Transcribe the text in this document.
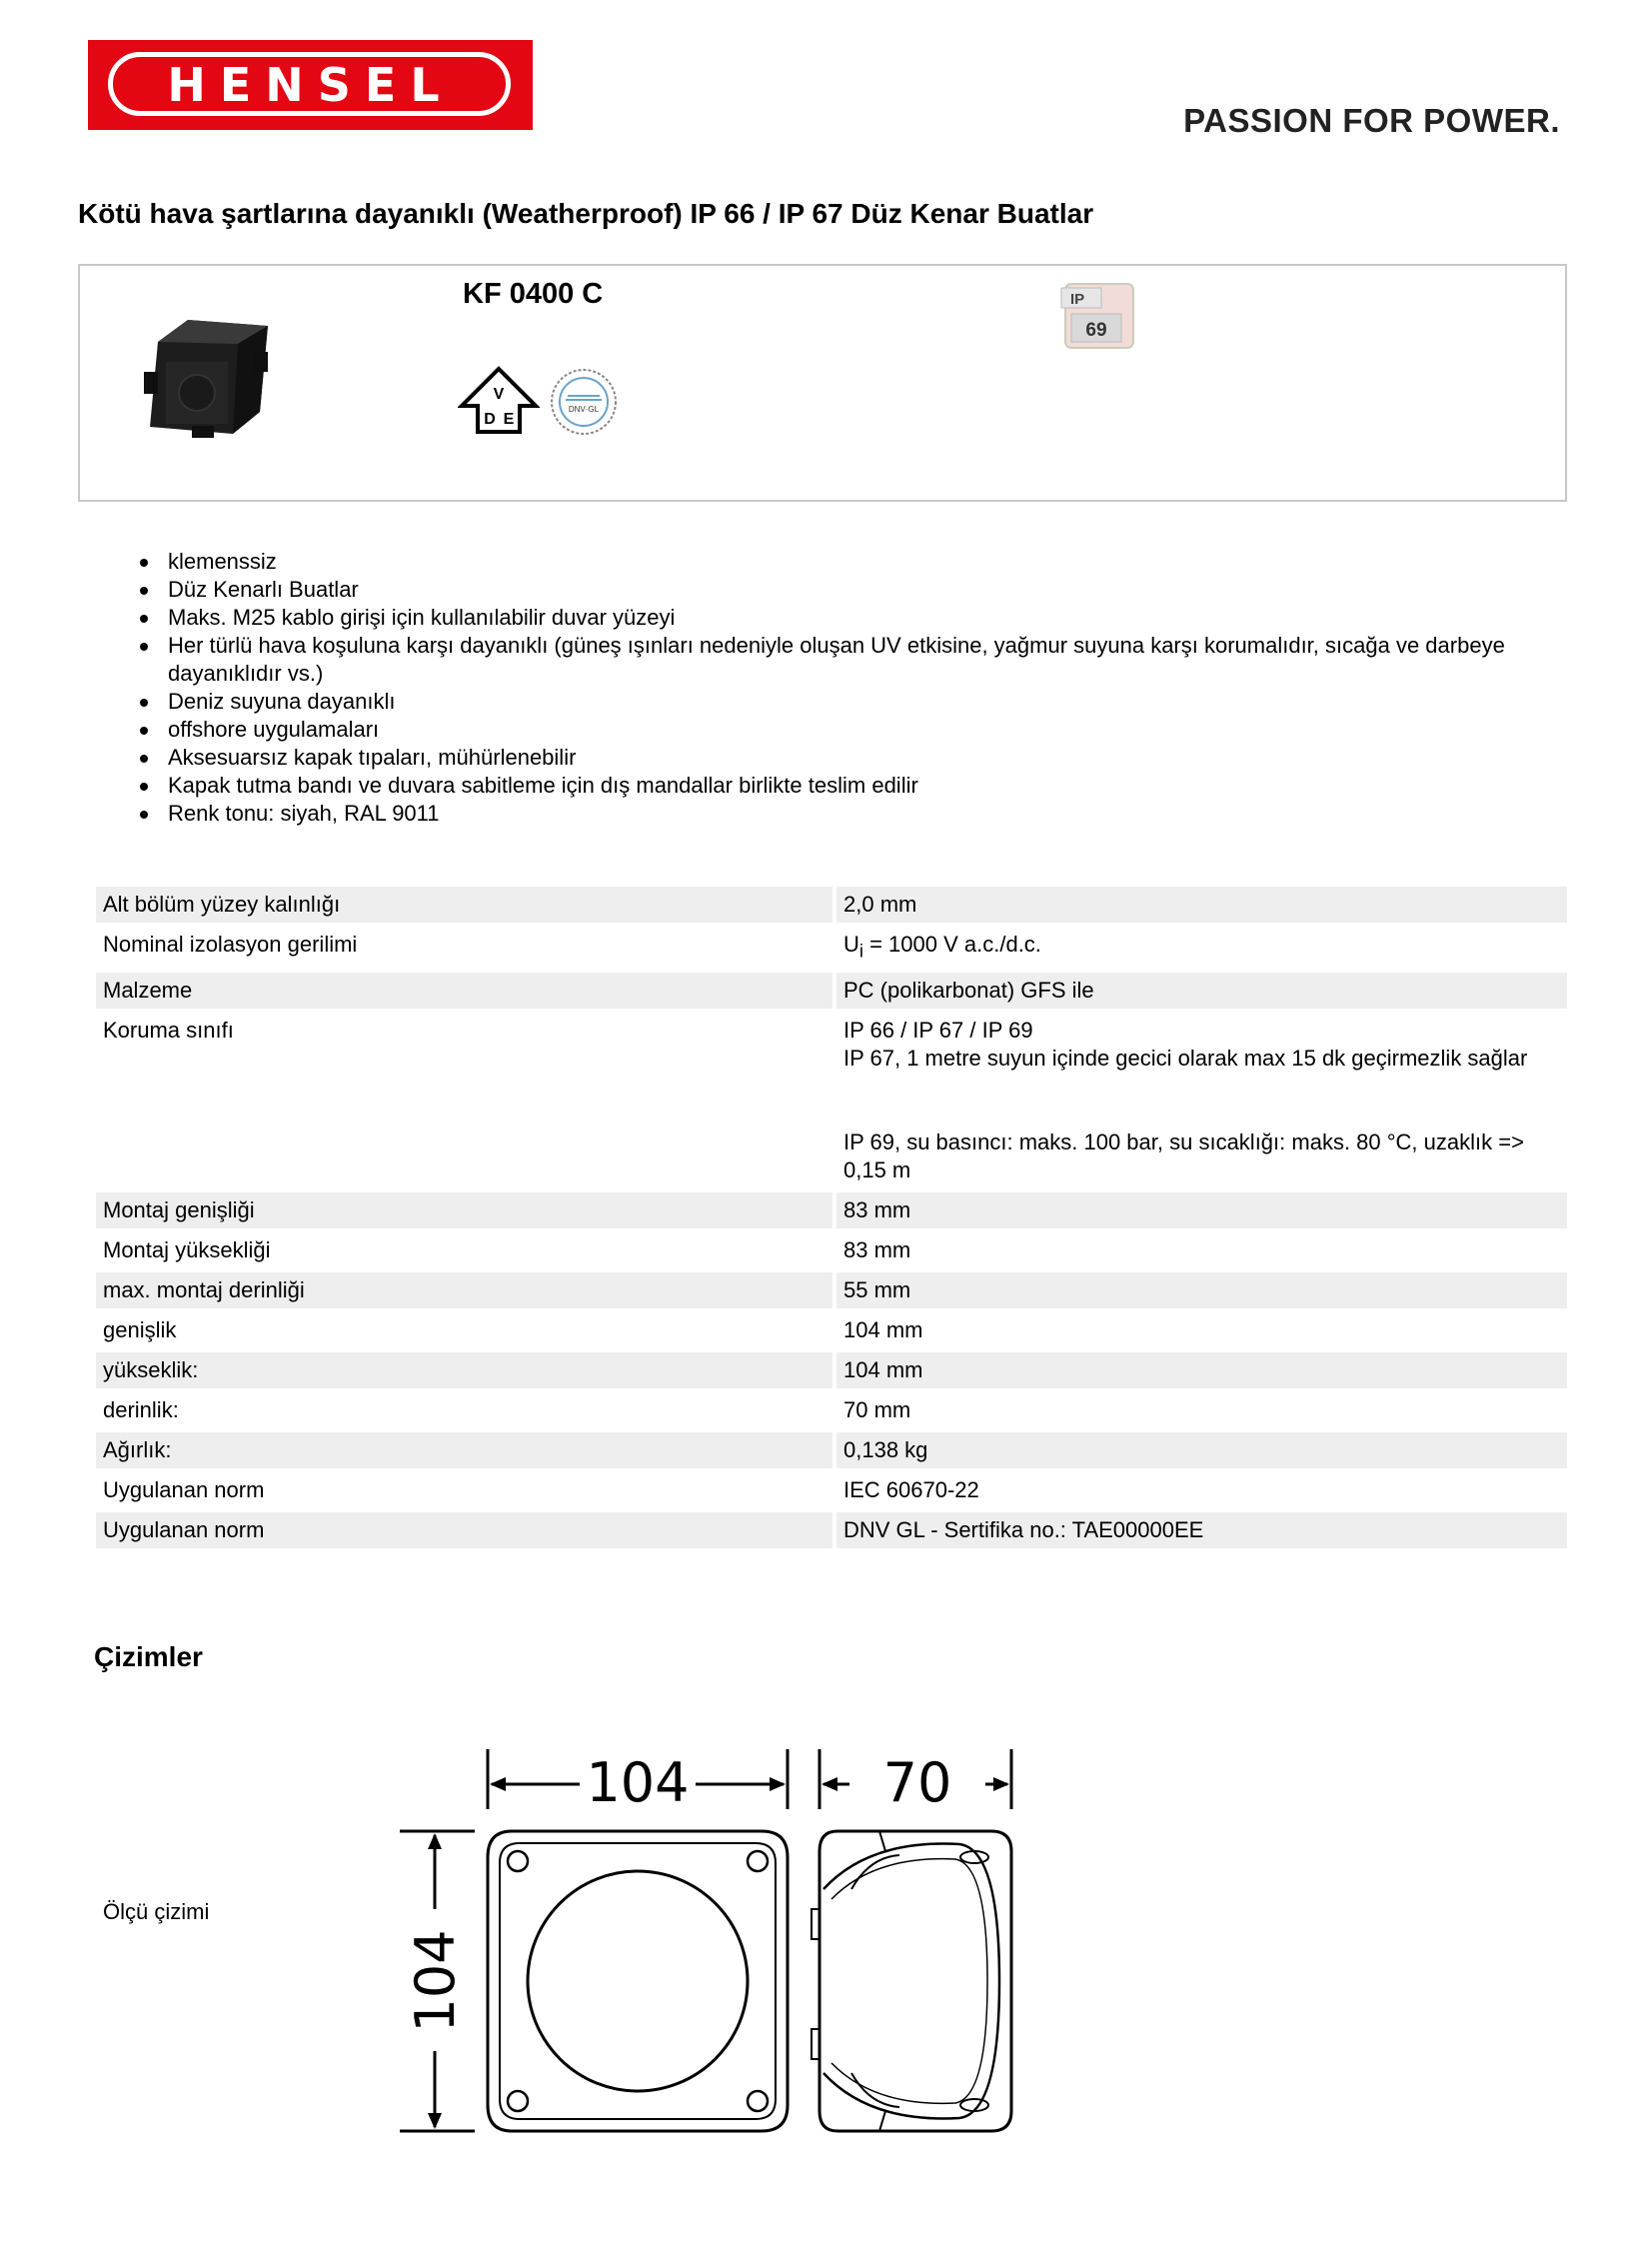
HENSEL
PASSION FOR POWER.
Kötü hava şartlarına dayanıklı (Weatherproof) IP 66 / IP 67 Düz Kenar Buatlar
KF 0400 C
V
D E
DNV·GL
IP
69
klemenssiz
Düz Kenarlı Buatlar
Maks. M25 kablo girişi için kullanılabilir duvar yüzeyi
Her türlü hava koşuluna karşı dayanıklı (güneş ışınları nedeniyle oluşan UV etkisine, yağmur suyuna karşı korumalıdır, sıcağa ve darbeye dayanıklıdır vs.)
Deniz suyuna dayanıklı
offshore uygulamaları
Aksesuarsız kapak tıpaları, mühürlenebilir
Kapak tutma bandı ve duvara sabitleme için dış mandallar birlikte teslim edilir
Renk tonu: siyah, RAL 9011
Alt bölüm yüzey kalınlığı	2,0 mm
Nominal izolasyon gerilimi	$U_i = 1000$ V a.c./d.c.
Malzeme	PC (polikarbonat) GFS ile
Koruma sınıfı	IP 66 / IP 67 / IP 69
IP 67, 1 metre suyun içinde gecici olarak max 15 dk geçirmezlik sağlar
IP 69, su basıncı: maks. 100 bar, su sıcaklığı: maks. 80 °C, uzaklık => 0,15 m

Montaj genişliği	83 mm
Montaj yüksekliği	83 mm
max. montaj derinliği	55 mm
genişlik	104 mm
yükseklik:	104 mm
derinlik:	70 mm
Ağırlık:	0,138 kg
Uygulanan norm	IEC 60670-22
Uygulanan norm	DNV GL - Sertifika no.: TAE00000EE
Çizimler
Ölçü çizimi
104	70
104
